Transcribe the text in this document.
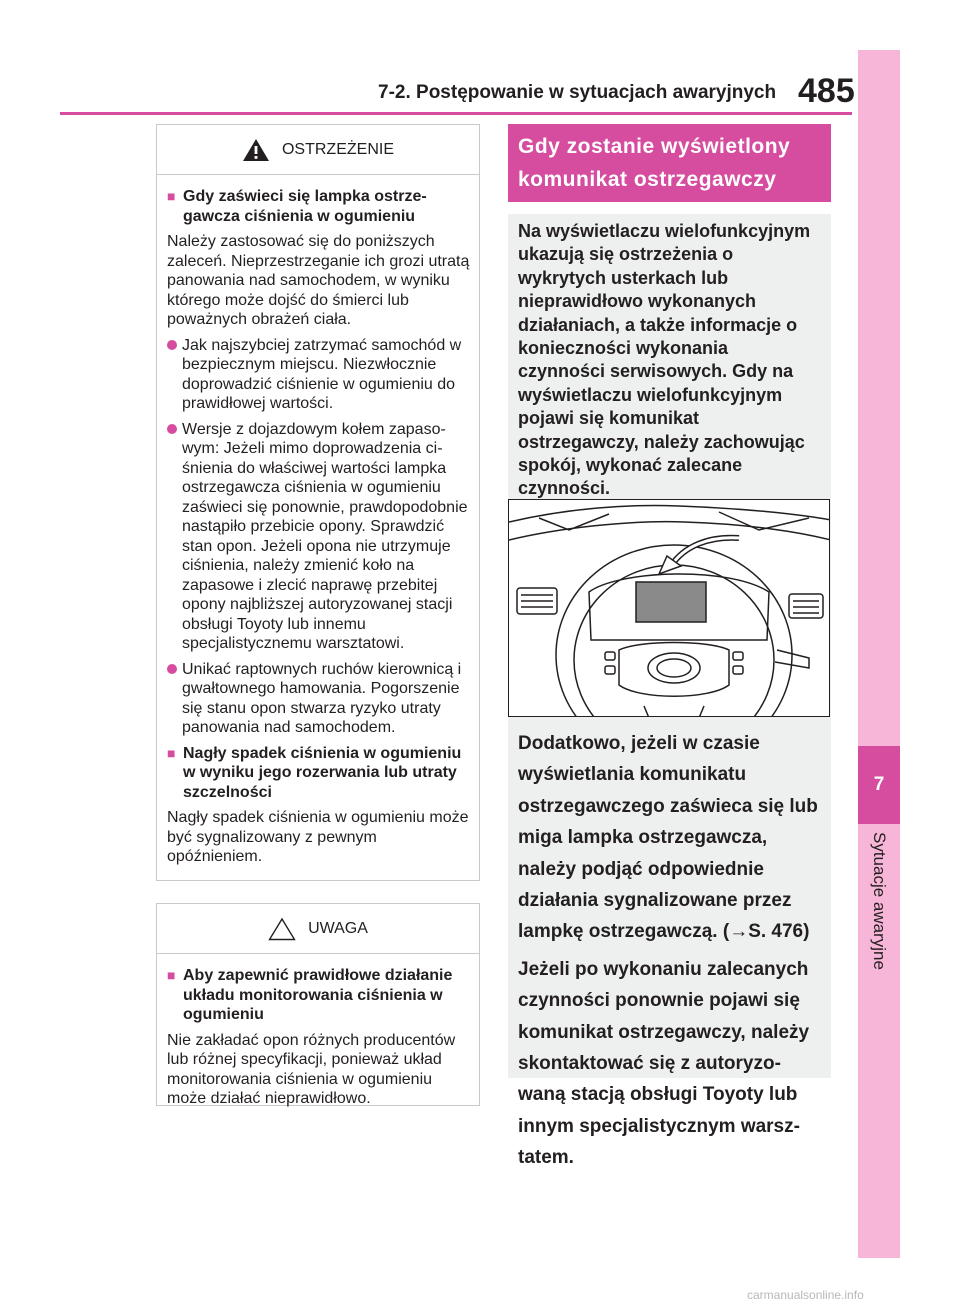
7-2. Postępowanie w sytuacjach awaryjnych 485
7
Sytuacje awaryjne
OSTRZEŻENIE
■ Gdy zaświeci się lampka ostrzegawcza ciśnienia w ogumieniu

Należy zastosować się do poniższych zaleceń. Nieprzestrzeganie ich grozi utratą panowania nad samochodem, w wyniku którego może dojść do śmierci lub poważnych obrażeń ciała.

Jak najszybciej zatrzymać samochód w bezpiecznym miejscu. Niezwłocznie doprowadzić ciśnienie w ogumieniu do prawidłowej wartości.
Wersje z dojazdowym kołem zapasowym: Jeżeli mimo doprowadzenia ciśnienia do właściwej wartości lampka ostrzegawcza ciśnienia w ogumieniu zaświeci się ponownie, prawdopodobnie nastąpiło przebicie opony. Sprawdzić stan opon. Jeżeli opona nie utrzymuje ciśnienia, należy zmienić koło na zapasowe i zlecić naprawę przebitej opony najbliższej autoryzowanej stacji obsługi Toyoty lub innemu specjalistycznemu warsztatowi.
Unikać raptownych ruchów kierownicą i gwałtownego hamowania. Pogorszenie się stanu opon stwarza ryzyko utraty panowania nad samochodem.
■ Nagły spadek ciśnienia w ogumieniu w wyniku jego rozerwania lub utraty szczelności

Nagły spadek ciśnienia w ogumieniu może być sygnalizowany z pewnym opóźnieniem.

UWAGA
■ Aby zapewnić prawidłowe działanie układu monitorowania ciśnienia w ogumieniu

Nie zakładać opon różnych producentów lub różnej specyfikacji, ponieważ układ monitorowania ciśnienia w ogumieniu może działać nieprawidłowo.

Gdy zostanie wyświetlony komunikat ostrzegawczy
Na wyświetlaczu wielofunkcyjnym ukazują się ostrzeżenia o wykrytych usterkach lub nieprawidłowo wykonanych działaniach, a także informacje o konieczności wykonania czynności serwisowych. Gdy na wyświetlaczu wielofunkcyjnym pojawi się komunikat ostrzegawczy, należy zachowując spokój, wykonać zalecane czynności.

Dodatkowo, jeżeli w czasie wyświetlania komunikatu ostrzegawczego zaświeca się lub miga lampka ostrzegawcza, należy podjąć odpowiednie działania sygnalizowane przez lampkę ostrzegawczą. (→S. 476)

Jeżeli po wykonaniu zalecanych czynności ponownie pojawi się komunikat ostrzegawczy, należy skontaktować się z autoryzowaną stacją obsługi Toyoty lub innym specjalistycznym warsztatem.

carmanualsonline.info
